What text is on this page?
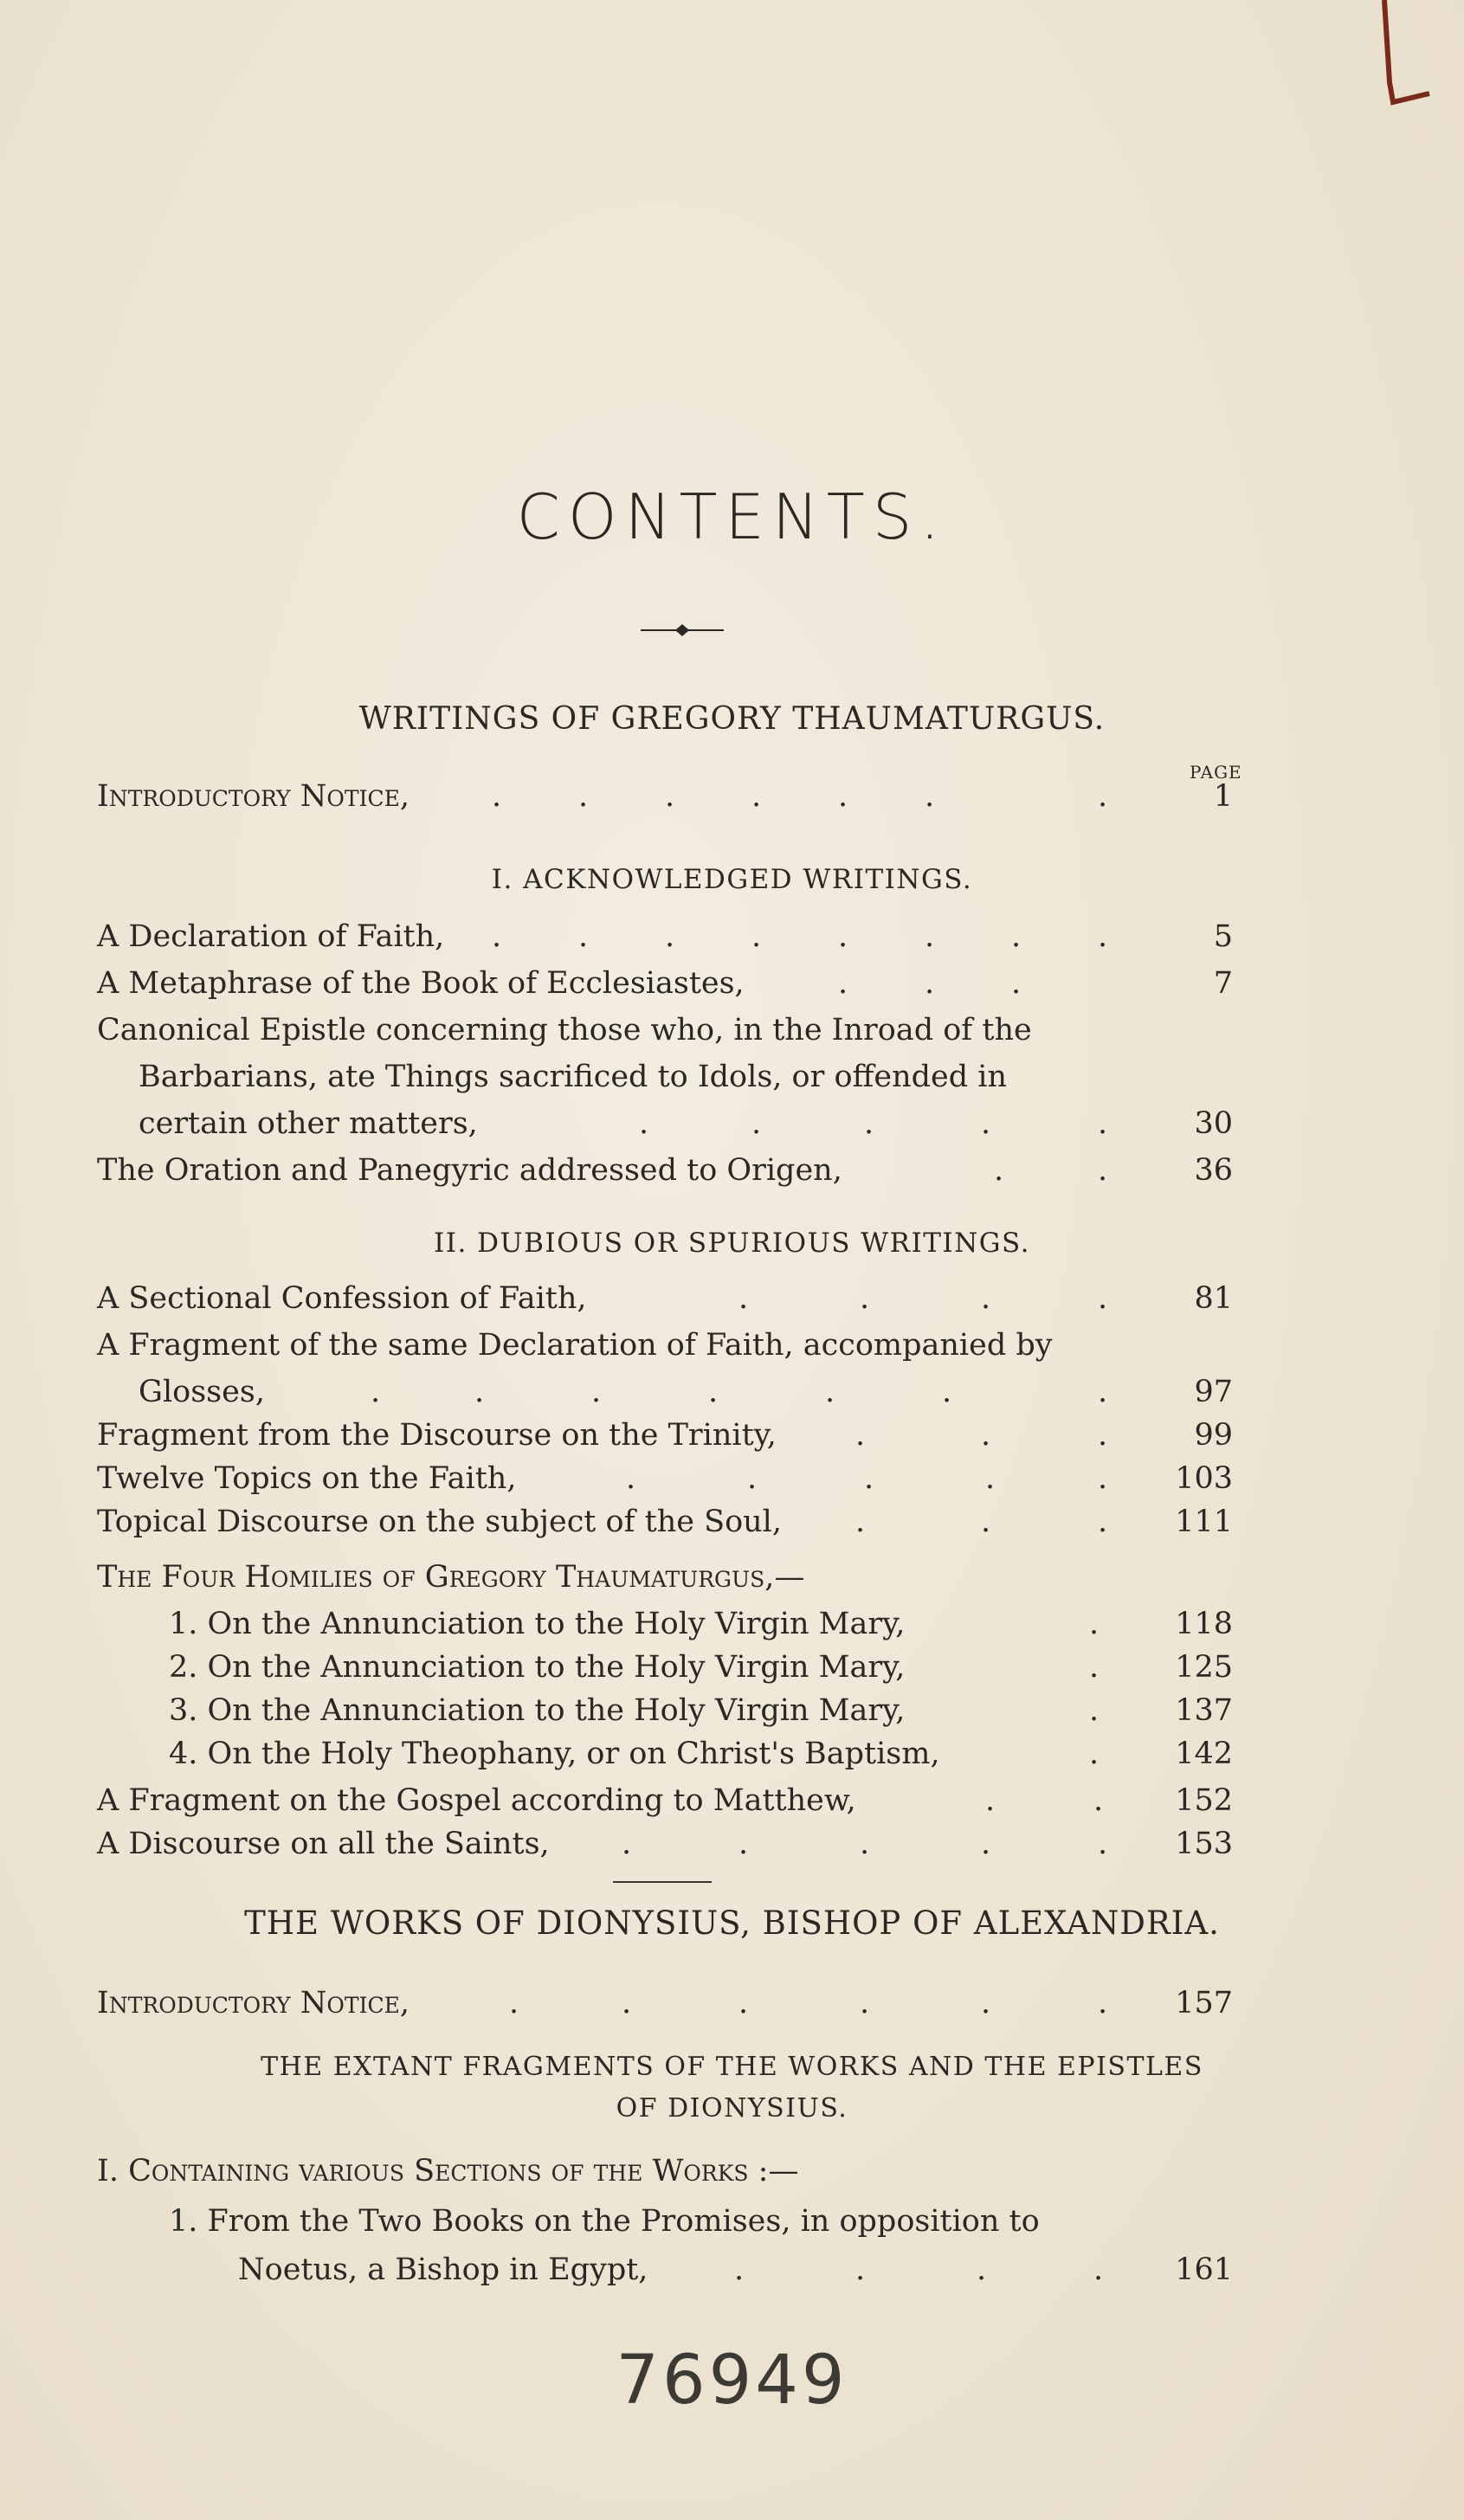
CONTENTS.
WRITINGS OF GREGORY THAUMATURGUS.
PAGE
Introductory Notice,	.	.	.	.	.	.	.	1
I. ACKNOWLEDGED WRITINGS.
A Declaration of Faith, .	.	.	.	.	.	.	.	5
A Metaphrase of the Book of Ecclesiastes,	.	.	.	7
Canonical Epistle concerning those who, in the Inroad of the
Barbarians, ate Things sacrificed to Idols, or offended in
certain other matters,	.	.	.	.	.	30
The Oration and Panegyric addressed to Origen,	.	.	36
II. DUBIOUS OR SPURIOUS WRITINGS.
A Sectional Confession of Faith,	.	.	.	.	81
A Fragment of the same Declaration of Faith, accompanied by
Glosses,	.	.	.	.	.	.	.	97
Fragment from the Discourse on the Trinity,	.	.	.	99
Twelve Topics on the Faith,	.	.	.	.	. 103
Topical Discourse on the subject of the Soul, .	.	. 111
The Four Homilies of Gregory Thaumaturgus,—
1. On the Annunciation to the Holy Virgin Mary,	.	118
2. On the Annunciation to the Holy Virgin Mary,	.	125
3. On the Annunciation to the Holy Virgin Mary,	.	137
4. On the Holy Theophany, or on Christ's Baptism,	.	142
A Fragment on the Gospel according to Matthew,	.	. 152
A Discourse on all the Saints, .	.	.	.	. 153
THE WORKS OF DIONYSIUS, BISHOP OF ALEXANDRIA.
Introductory Notice,	.	.	.	.	.	. 157
THE EXTANT FRAGMENTS OF THE WORKS AND THE EPISTLES
OF DIONYSIUS.
I. Containing various Sections of the Works :—
1. From the Two Books on the Promises, in opposition to
Noetus, a Bishop in Egypt,	.	.	.	. 161
76949
